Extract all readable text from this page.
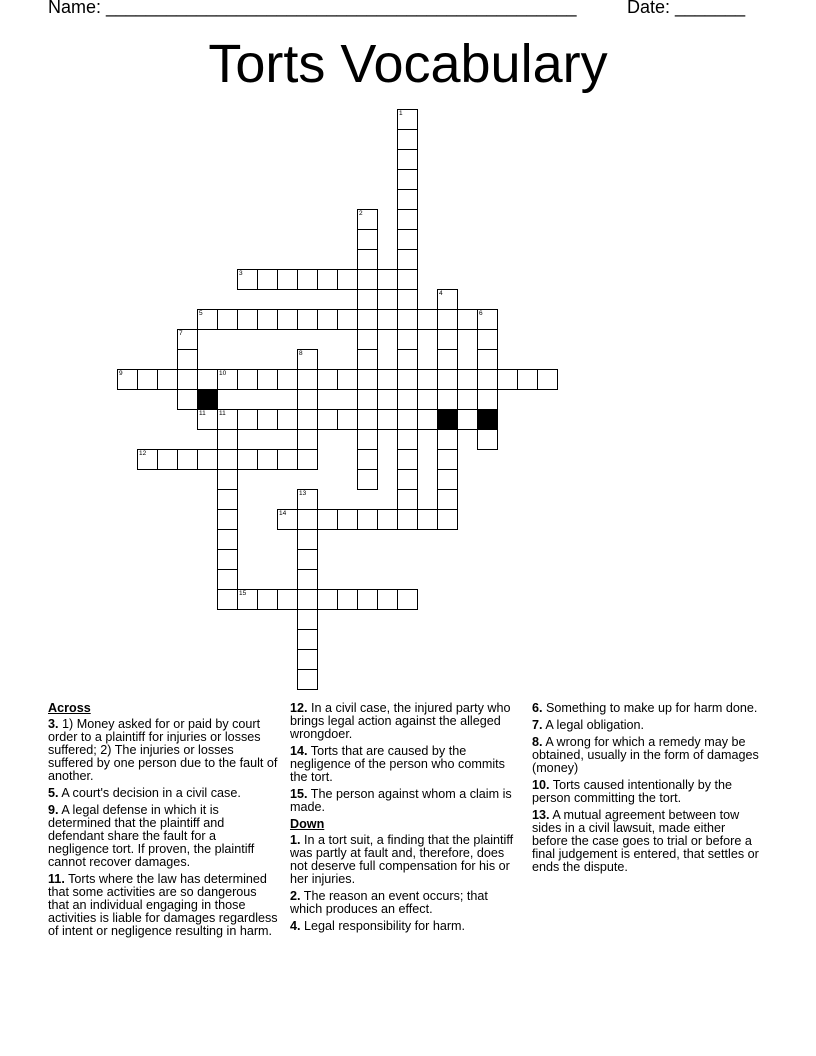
Name: _______________________________________________	Date: _______
Torts Vocabulary
1
2
3
4
5	6
7
8
9	10
11 11
12
13
14
15
Across
3. 1) Money asked for or paid by court order to a plaintiff for injuries or losses suffered; 2) The injuries or losses suffered by one person due to the fault of another.
5. A court's decision in a civil case.
9. A legal defense in which it is determined that the plaintiff and defendant share the fault for a negligence tort. If proven, the plaintiff cannot recover damages.
11. Torts where the law has determined that some activities are so dangerous that an individual engaging in those activities is liable for damages regardless of intent or negligence resulting in harm.
12. In a civil case, the injured party who brings legal action against the alleged wrongdoer.
14. Torts that are caused by the negligence of the person who commits the tort.
15. The person against whom a claim is made.
Down
1. In a tort suit, a finding that the plaintiff was partly at fault and, therefore, does not deserve full compensation for his or her injuries.
2. The reason an event occurs; that which produces an effect.
4. Legal responsibility for harm.
6. Something to make up for harm done.
7. A legal obligation.
8. A wrong for which a remedy may be obtained, usually in the form of damages (money)
10. Torts caused intentionally by the person committing the tort.
13. A mutual agreement between tow sides in a civil lawsuit, made either before the case goes to trial or before a final judgement is entered, that settles or ends the dispute.
